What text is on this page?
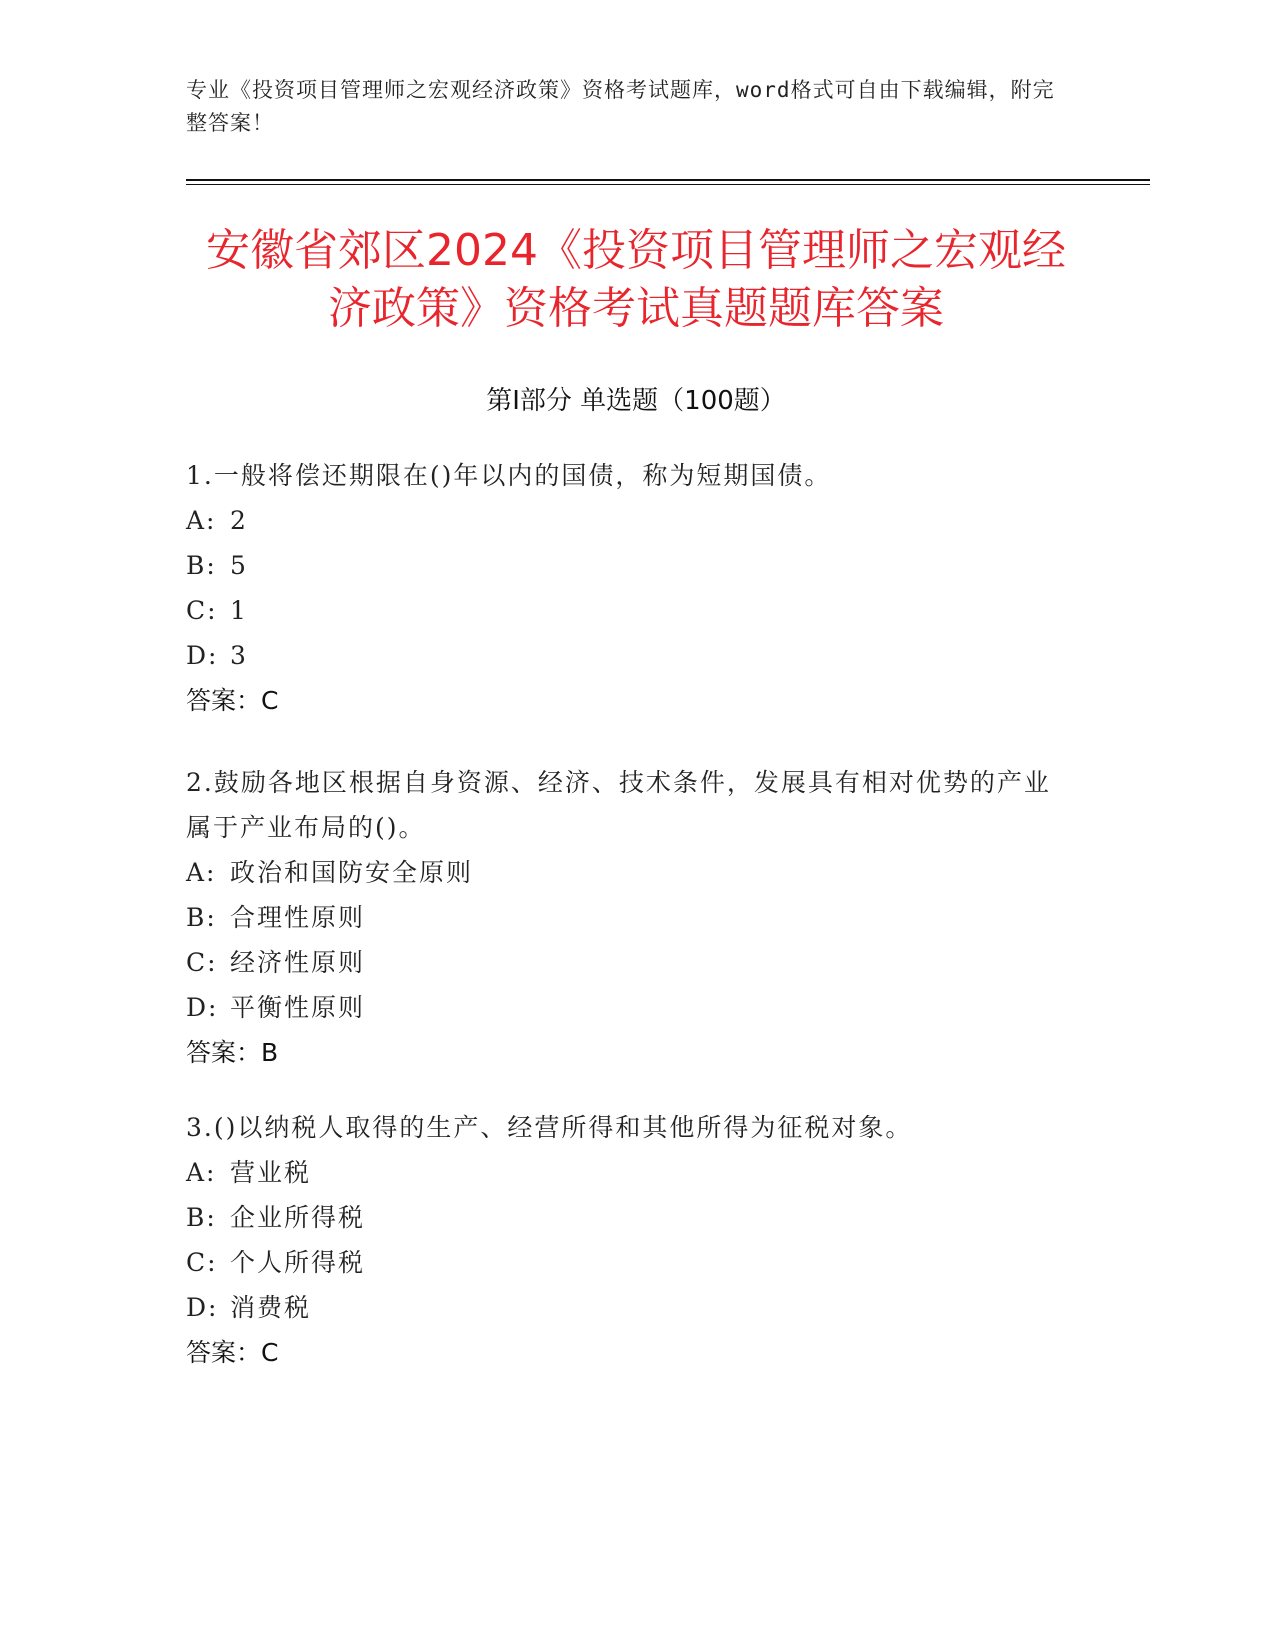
专业《投资项目管理师之宏观经济政策》资格考试题库，word格式可自由下载编辑，附完整答案！
安徽省郊区2024《投资项目管理师之宏观经济政策》资格考试真题题库答案
第Ⅰ部分 单选题（100题）
1.一般将偿还期限在()年以内的国债，称为短期国债。
A: 2
B: 5
C: 1
D: 3
答案：C
2.鼓励各地区根据自身资源、经济、技术条件，发展具有相对优势的产业属于产业布局的()。
A: 政治和国防安全原则
B: 合理性原则
C: 经济性原则
D: 平衡性原则
答案：B
3.()以纳税人取得的生产、经营所得和其他所得为征税对象。
A: 营业税
B: 企业所得税
C: 个人所得税
D: 消费税
答案：C
